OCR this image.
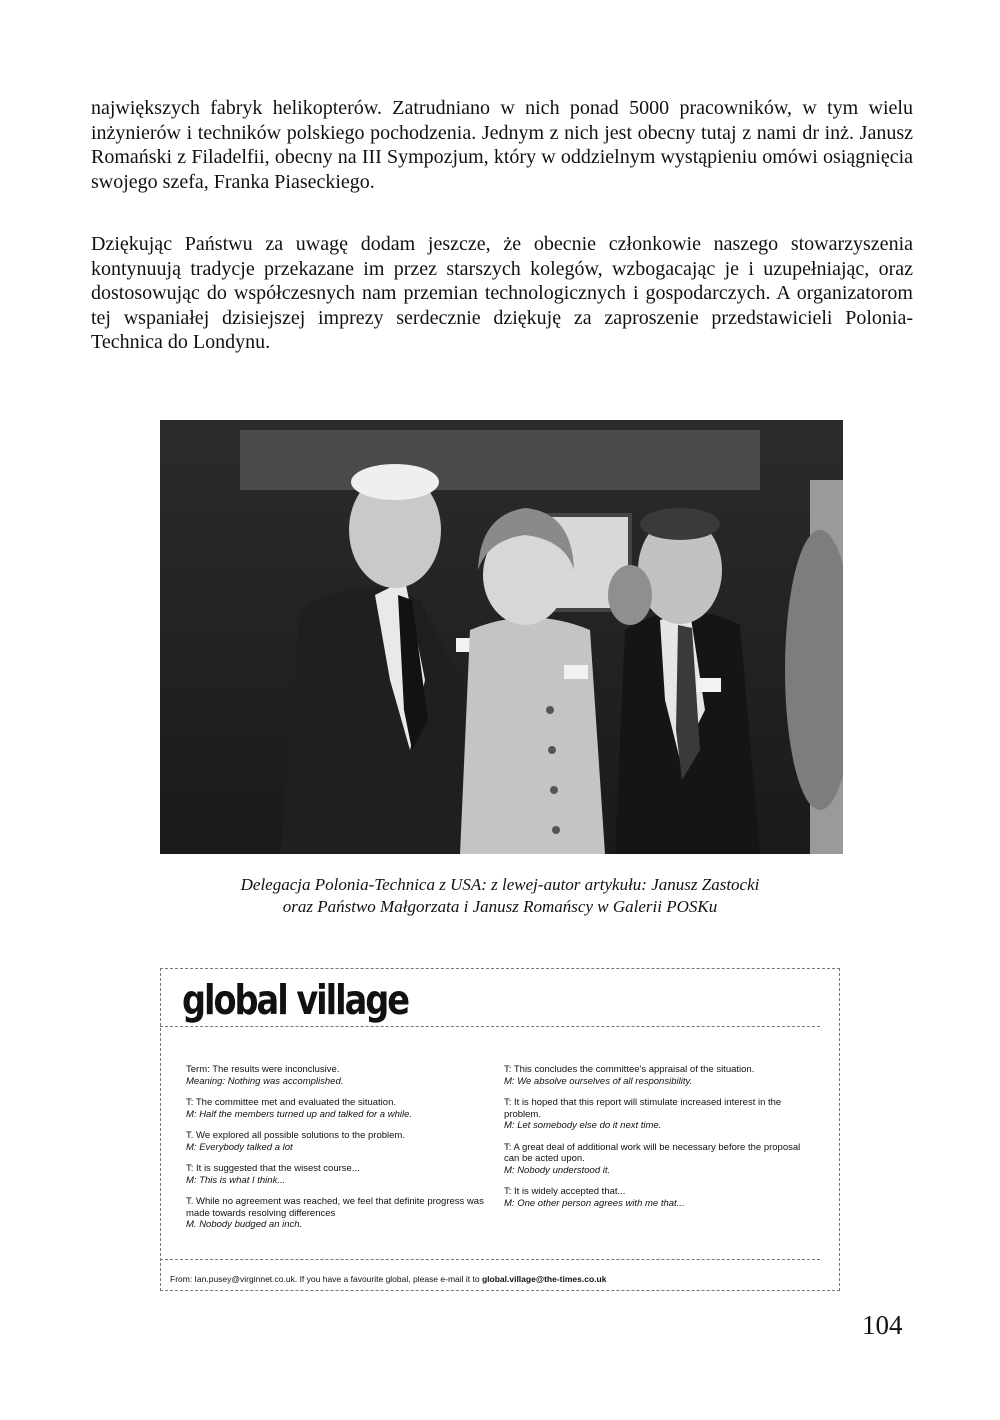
największych fabryk helikopterów. Zatrudniano w nich ponad 5000 pracowników, w tym wielu inżynierów i techników polskiego pochodzenia. Jednym z nich jest obecny tutaj z nami dr inż. Janusz Romański z Filadelfii, obecny na III Sympozjum, który w oddzielnym wystąpieniu omówi osiągnięcia swojego szefa, Franka Piaseckiego.

Dziękując Państwu za uwagę dodam jeszcze, że obecnie członkowie naszego stowarzyszenia kontynuują tradycje przekazane im przez starszych kolegów, wzbogacając je i uzupełniając, oraz dostosowując do współczesnych nam przemian technologicznych i gospodarczych. A organizatorom tej wspaniałej dzisiejszej imprezy serdecznie dziękuję za zaproszenie przedstawicieli Polonia-Technica do Londynu.

Delegacja Polonia-Technica z USA: z lewej-autor artykułu: Janusz Zastocki
oraz Państwo Małgorzata i Janusz Romańscy w Galerii POSKu

global village

Term: The results were inconclusive.
Meaning: Nothing was accomplished.

T: The committee met and evaluated the situation.
M: Half the members turned up and talked for a while.

T. We explored all possible solutions to the problem.
M: Everybody talked a lot

T: It is suggested that the wisest course...
M: This is what I think...

T. While no agreement was reached, we feel that definite progress was made towards resolving differences
M. Nobody budged an inch.

T: This concludes the committee's appraisal of the situation.
M: We absolve ourselves of all responsibility.

T: It is hoped that this report will stimulate increased interest in the problem.
M: Let somebody else do it next time.

T: A great deal of additional work will be necessary before the proposal can be acted upon.
M: Nobody understood it.

T: It is widely accepted that...
M: One other person agrees with me that...

From: Ian.pusey@virginnet.co.uk. If you have a favourite global, please e-mail it to global.village@the-times.co.uk

104
